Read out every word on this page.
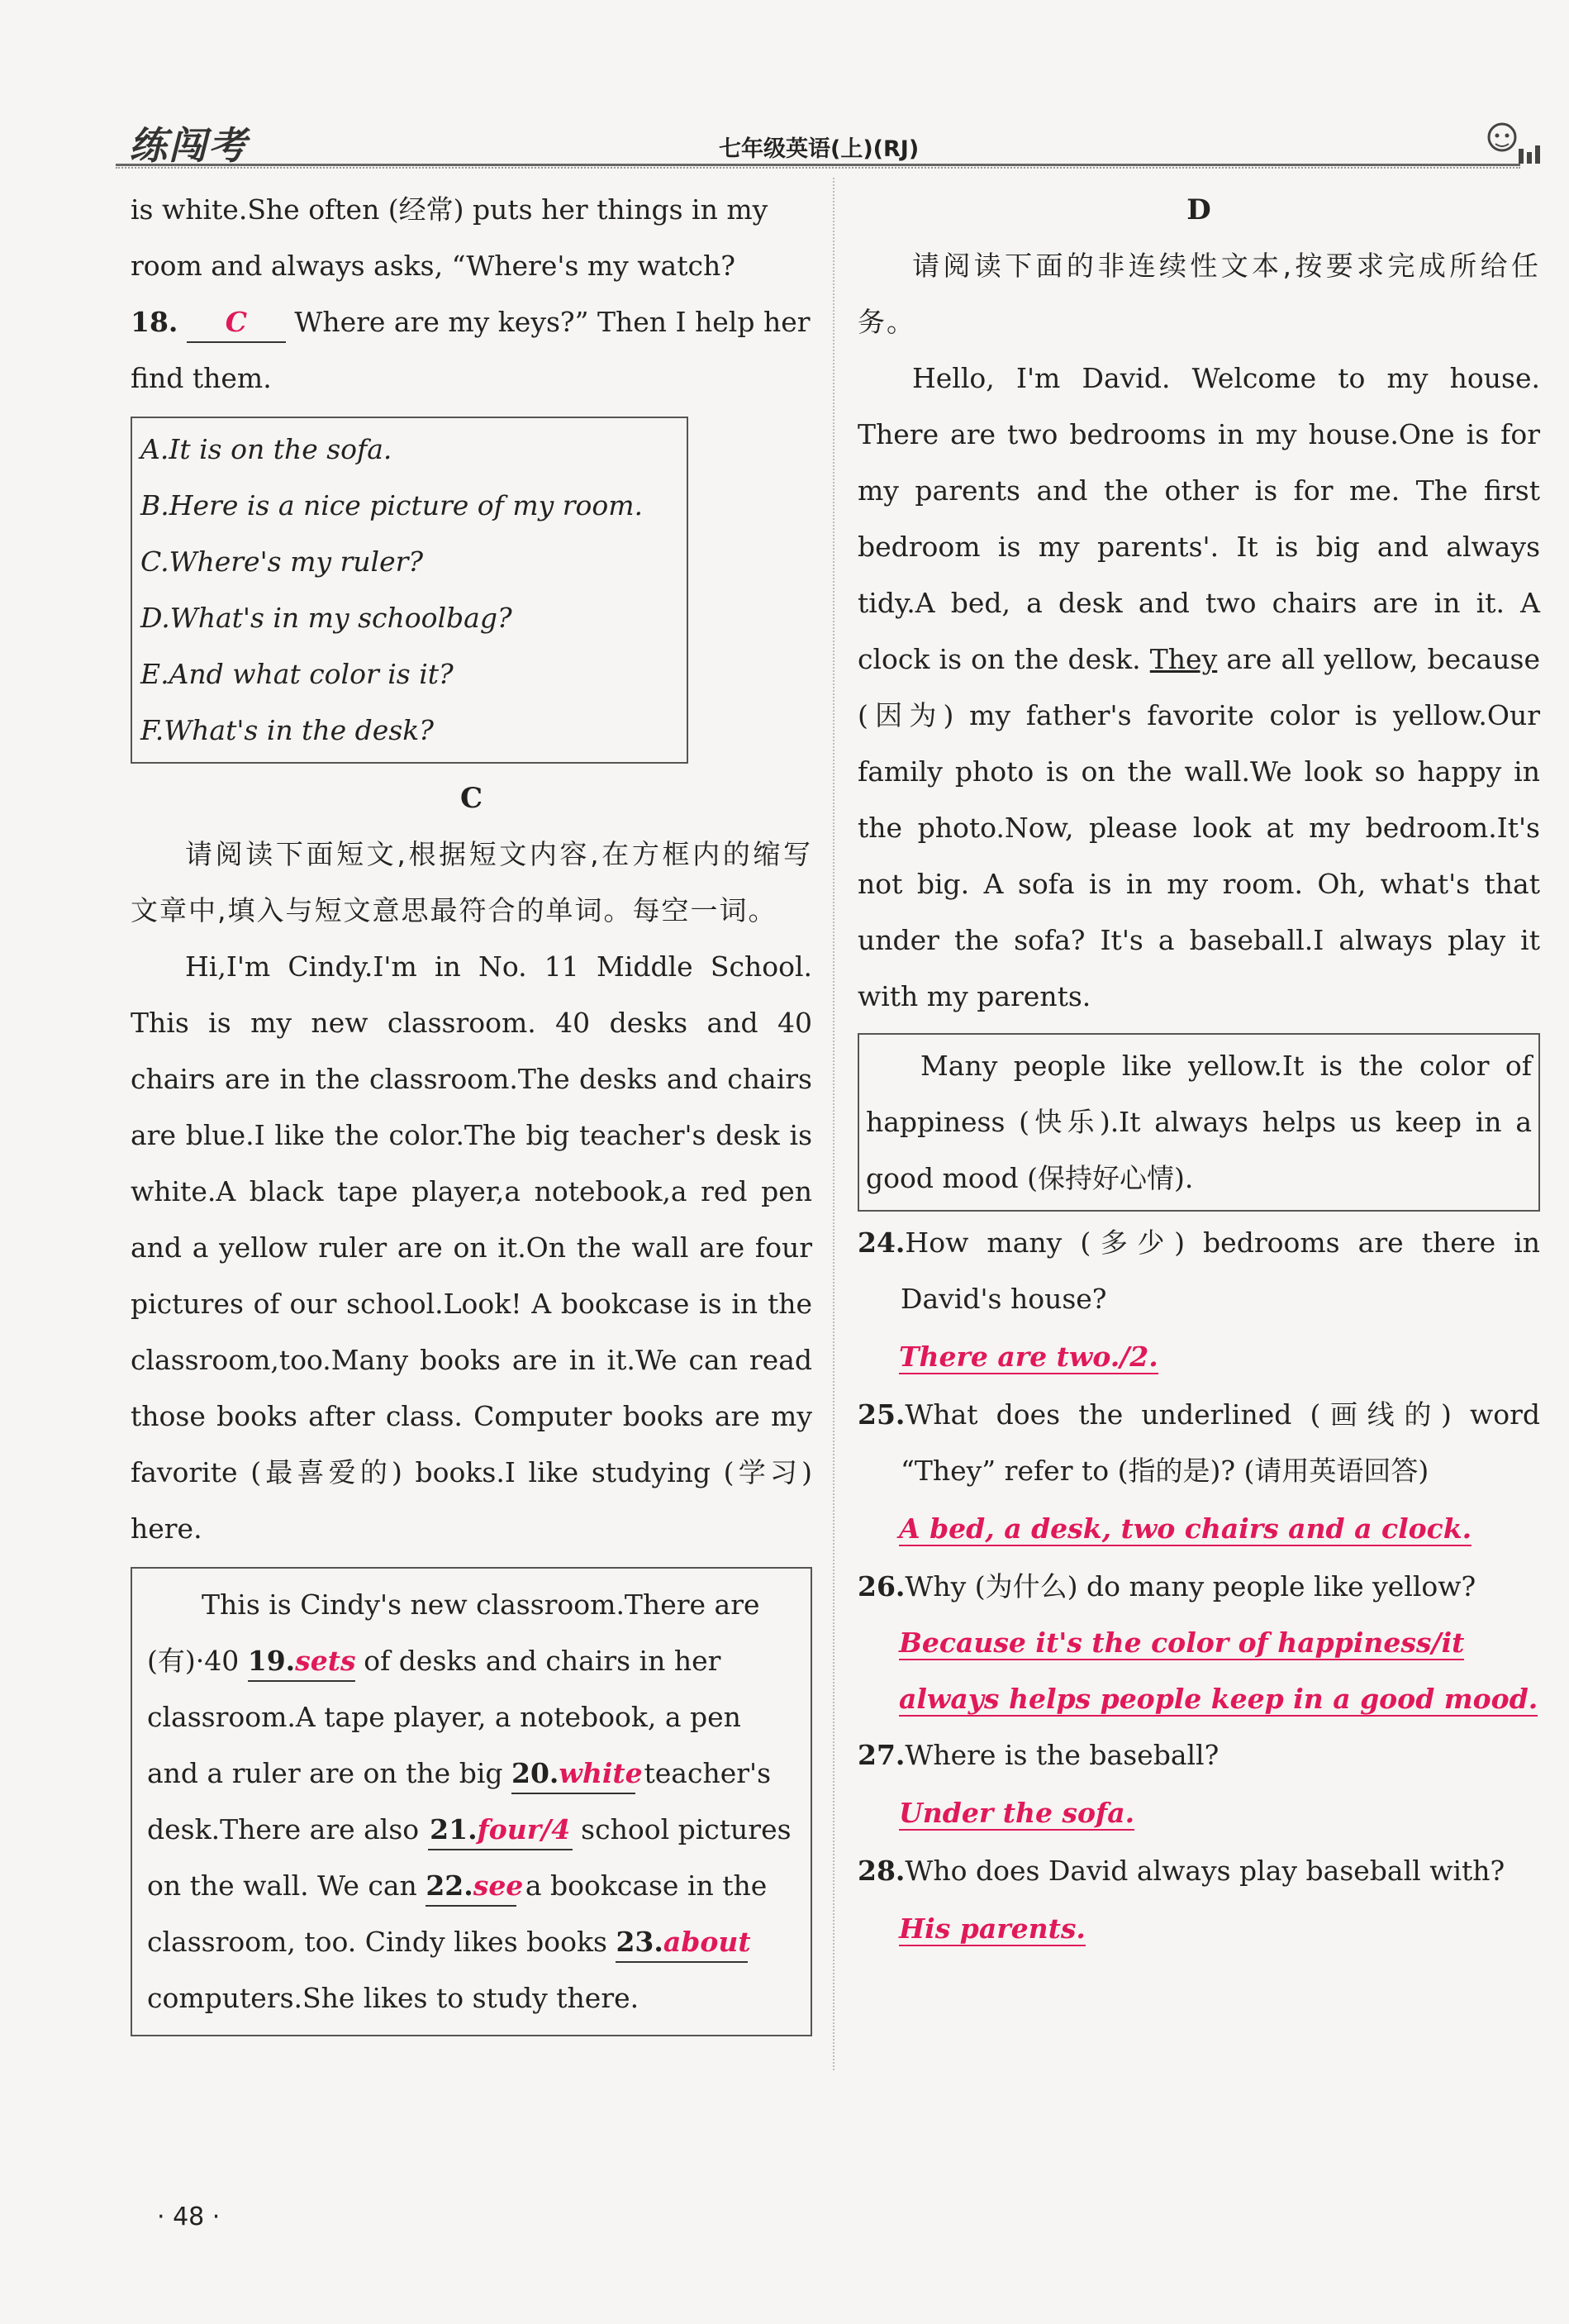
练闯考	七年级英语(上)(RJ)

is white.She often (经常) puts her things in my

room and always asks, “Where's my watch?

18. C Where are my keys?” Then I help her

find them.

A.It is on the sofa.
B.Here is a nice picture of my room.
C.Where's my ruler?
D.What's in my schoolbag?
E.And what color is it?
F.What's in the desk?
C

请阅读下面短文,根据短文内容,在方框内的缩写文章中,填入与短文意思最符合的单词。每空一词。

Hi,I'm Cindy.I'm in No. 11 Middle School. This is my new classroom. 40 desks and 40 chairs are in the classroom.The desks and chairs are blue.I like the color.The big teacher's desk is white.A black tape player,a notebook,a red pen and a yellow ruler are on it.On the wall are four pictures of our school.Look! A bookcase is in the classroom,too.Many books are in it.We can read those books after class. Computer books are my favorite (最喜爱的) books.I like studying (学习) here.

This is Cindy's new classroom.There are

(有)·40 19.sets of desks and chairs in her

classroom.A tape player, a notebook, a pen

and a ruler are on the big 20.white teacher's

desk.There are also 21.four/4 school pictures

on the wall. We can 22.see a bookcase in the

classroom, too. Cindy likes books 23.about

computers.She likes to study there.

D

请阅读下面的非连续性文本,按要求完成所给任务。

Hello, I'm David. Welcome to my house. There are two bedrooms in my house.One is for my parents and the other is for me. The first bedroom is my parents'. It is big and always tidy.A bed, a desk and two chairs are in it. A clock is on the desk. They are all yellow, because (因为) my father's favorite color is yellow.Our family photo is on the wall.We look so happy in the photo.Now, please look at my bedroom.It's not big. A sofa is in my room. Oh, what's that under the sofa? It's a baseball.I always play it with my parents.

Many people like yellow.It is the color of happiness (快乐).It always helps us keep in a good mood (保持好心情).

24.How many (多少) bedrooms are there in David's house?

There are two./2.

25.What does the underlined (画线的) word “They” refer to (指的是)? (请用英语回答)

A bed, a desk, two chairs and a clock.

26.Why (为什么) do many people like yellow?

Because it's the color of happiness/it always helps people keep in a good mood.

27.Where is the baseball?

Under the sofa.

28.Who does David always play baseball with?

His parents.

· 48 ·
